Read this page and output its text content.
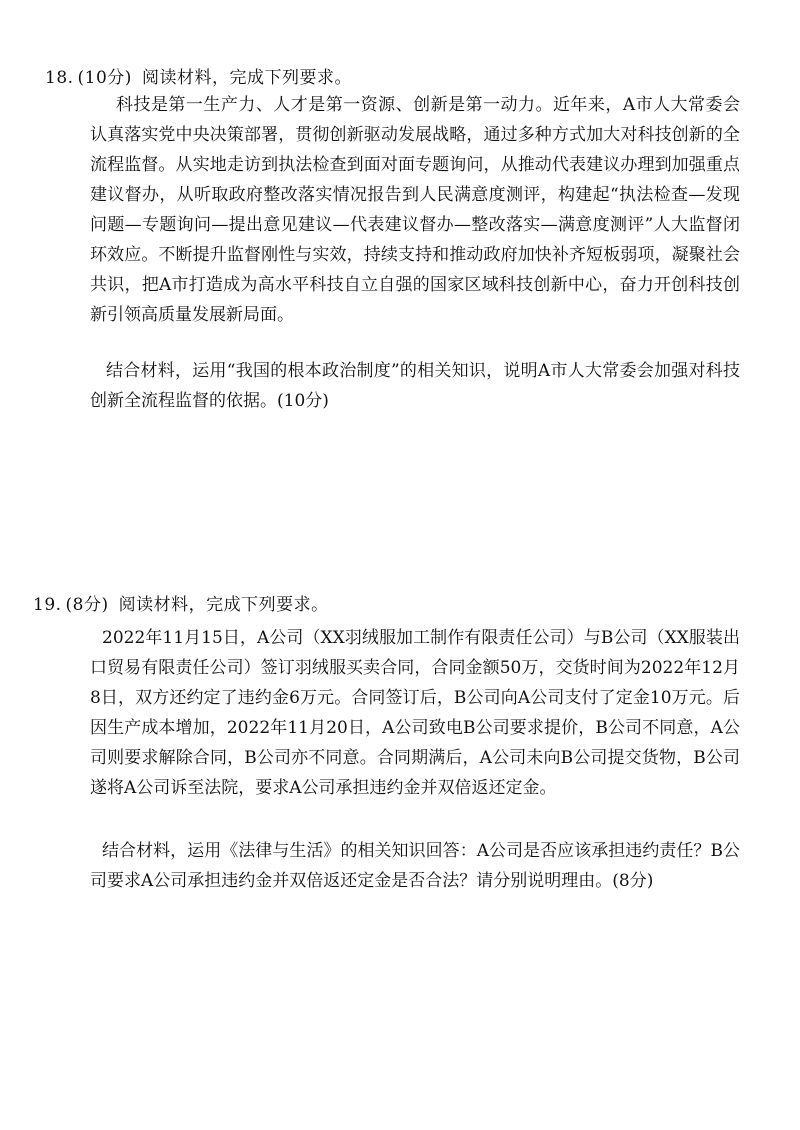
18. (10分) 阅读材料，完成下列要求。

科技是第一生产力、人才是第一资源、创新是第一动力。近年来，A市人大常委会认真落实党中央决策部署，贯彻创新驱动发展战略，通过多种方式加大对科技创新的全流程监督。从实地走访到执法检查到面对面专题询问，从推动代表建议办理到加强重点建议督办，从听取政府整改落实情况报告到人民满意度测评，构建起“执法检查—发现问题—专题询问—提出意见建议—代表建议督办—整改落实—满意度测评”人大监督闭环效应。不断提升监督刚性与实效，持续支持和推动政府加快补齐短板弱项，凝聚社会共识，把A市打造成为高水平科技自立自强的国家区域科技创新中心，奋力开创科技创新引领高质量发展新局面。

结合材料，运用“我国的根本政治制度”的相关知识，说明A市人大常委会加强对科技创新全流程监督的依据。(10分)

19. (8分) 阅读材料，完成下列要求。

2022年11月15日，A公司（XX羽绒服加工制作有限责任公司）与B公司（XX服装出口贸易有限责任公司）签订羽绒服买卖合同，合同金额50万，交货时间为2022年12月8日，双方还约定了违约金6万元。合同签订后，B公司向A公司支付了定金10万元。后因生产成本增加，2022年11月20日，A公司致电B公司要求提价，B公司不同意，A公司则要求解除合同，B公司亦不同意。合同期满后，A公司未向B公司提交货物，B公司遂将A公司诉至法院，要求A公司承担违约金并双倍返还定金。

结合材料，运用《法律与生活》的相关知识回答：A公司是否应该承担违约责任？B公司要求A公司承担违约金并双倍返还定金是否合法？请分别说明理由。(8分)
